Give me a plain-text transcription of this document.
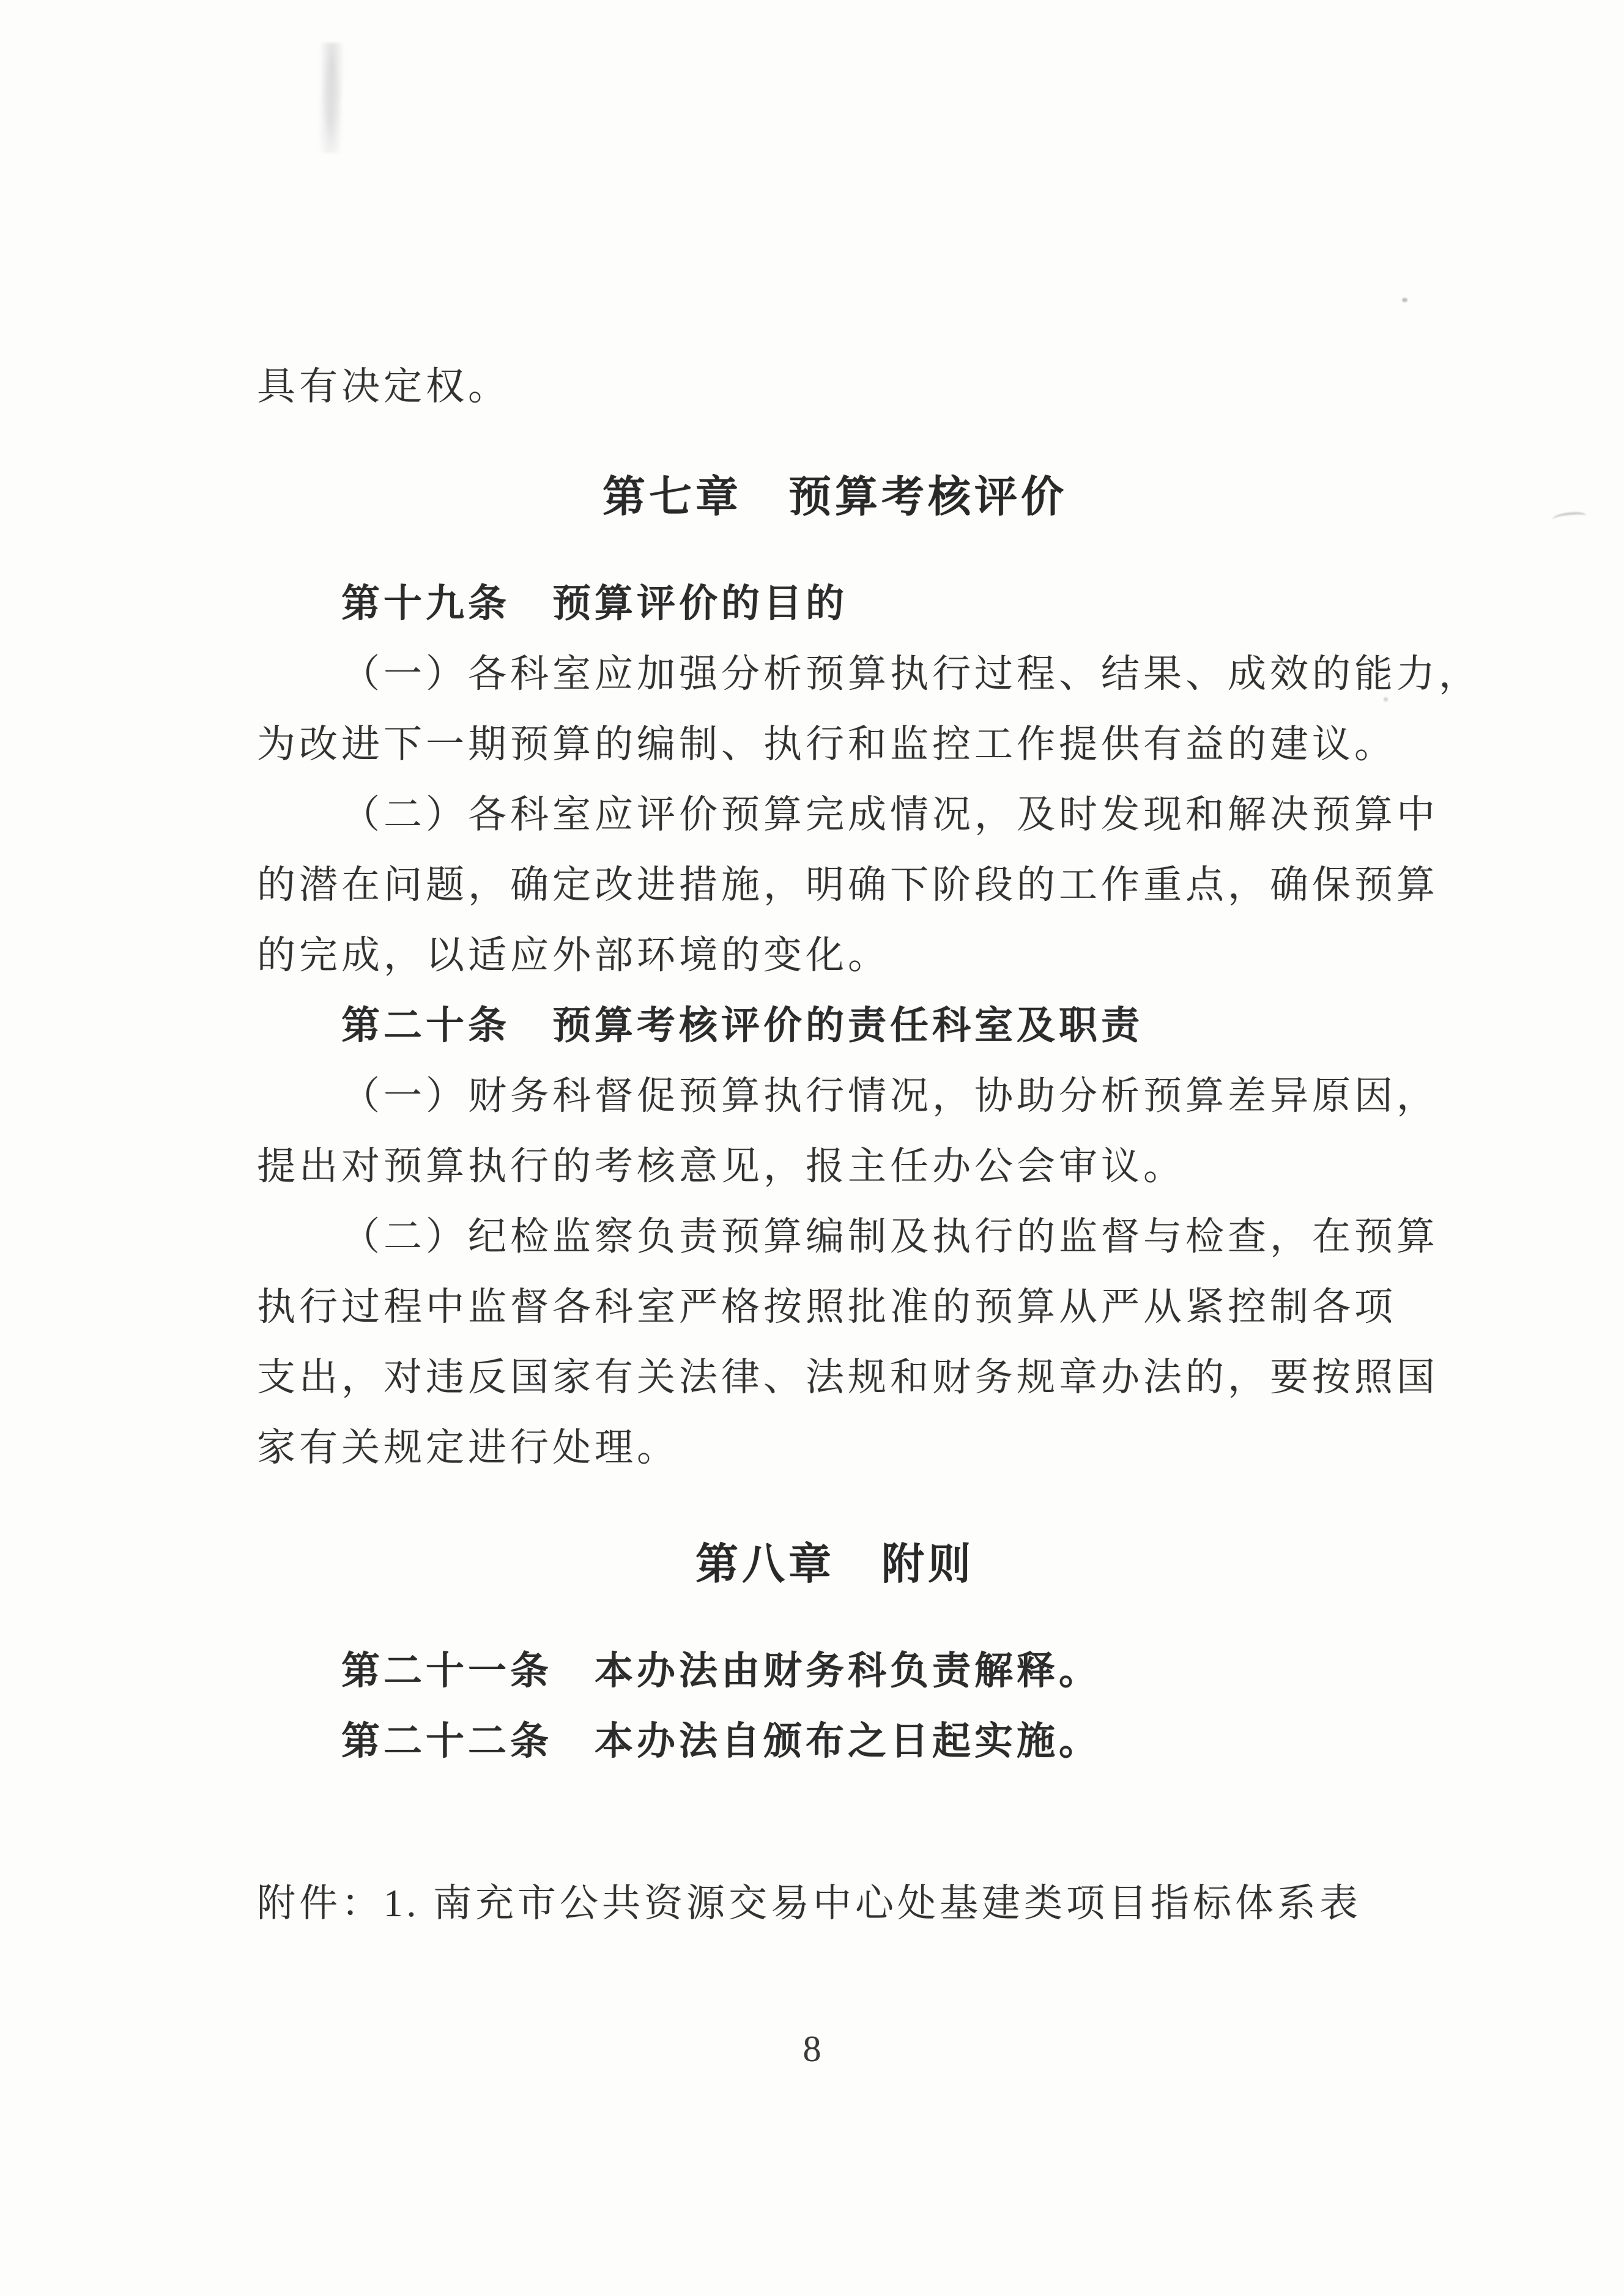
具有决定权。
第七章　预算考核评价
第十九条　预算评价的目的
（一）各科室应加强分析预算执行过程、结果、成效的能力，
为改进下一期预算的编制、执行和监控工作提供有益的建议。
（二）各科室应评价预算完成情况，及时发现和解决预算中
的潜在问题，确定改进措施，明确下阶段的工作重点，确保预算
的完成，以适应外部环境的变化。
第二十条　预算考核评价的责任科室及职责
（一）财务科督促预算执行情况，协助分析预算差异原因，
提出对预算执行的考核意见，报主任办公会审议。
（二）纪检监察负责预算编制及执行的监督与检查，在预算
执行过程中监督各科室严格按照批准的预算从严从紧控制各项
支出，对违反国家有关法律、法规和财务规章办法的，要按照国
家有关规定进行处理。
第八章　附则
第二十一条　本办法由财务科负责解释。
第二十二条　本办法自颁布之日起实施。
附件：1. 南充市公共资源交易中心处基建类项目指标体系表
8
